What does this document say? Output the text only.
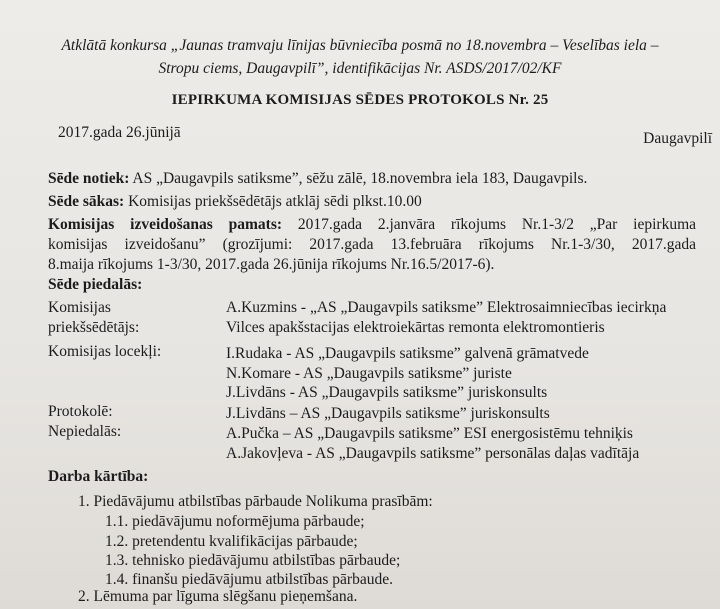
Atklātā konkursa „Jaunas tramvaju līnijas būvniecība posmā no 18.novembra – Veselības iela –
Stropu ciems, Daugavpilī”, identifikācijas Nr. ASDS/2017/02/KF
IEPIRKUMA KOMISIJAS SĒDES PROTOKOLS Nr. 25
2017.gada 26.jūnijā	Daugavpilī
Sēde notiek: AS „Daugavpils satiksme”, sēžu zālē, 18.novembra iela 183, Daugavpils.
Sēde sākas: Komisijas priekšsēdētājs atklāj sēdi plkst.10.00
Komisijas izveidošanas pamats: 2017.gada 2.janvāra rīkojums Nr.1-3/2 „Par iepirkuma
komisijas izveidošanu” (grozījumi: 2017.gada 13.februāra rīkojums Nr.1-3/30, 2017.gada
8.maija rīkojums 1-3/30, 2017.gada 26.jūnija rīkojums Nr.16.5/2017-6).
Sēde piedalās:
Komisijas
priekšsēdētājs:
A.Kuzmins - „AS „Daugavpils satiksme” Elektrosaimniecības iecirkņa
Vilces apakšstacijas elektroiekārtas remonta elektromontieris
Komisijas locekļi:	I.Rudaka - AS „Daugavpils satiksme” galvenā grāmatvede
N.Komare - AS „Daugavpils satiksme” juriste
J.Livdāns - AS „Daugavpils satiksme” juriskonsults
Protokolē:	J.Livdāns – AS „Daugavpils satiksme” juriskonsults
Nepiedalās:	A.Pučka – AS „Daugavpils satiksme” ESI energosistēmu tehniķis
A.Jakovļeva - AS „Daugavpils satiksme” personālas daļas vadītāja
Darba kārtība:
1. Piedāvājumu atbilstības pārbaude Nolikuma prasībām:
1.1. piedāvājumu noformējuma pārbaude;
1.2. pretendentu kvalifikācijas pārbaude;
1.3. tehnisko piedāvājumu atbilstības pārbaude;
1.4. finanšu piedāvājumu atbilstības pārbaude.
2. Lēmuma par līguma slēgšanu pieņemšana.
